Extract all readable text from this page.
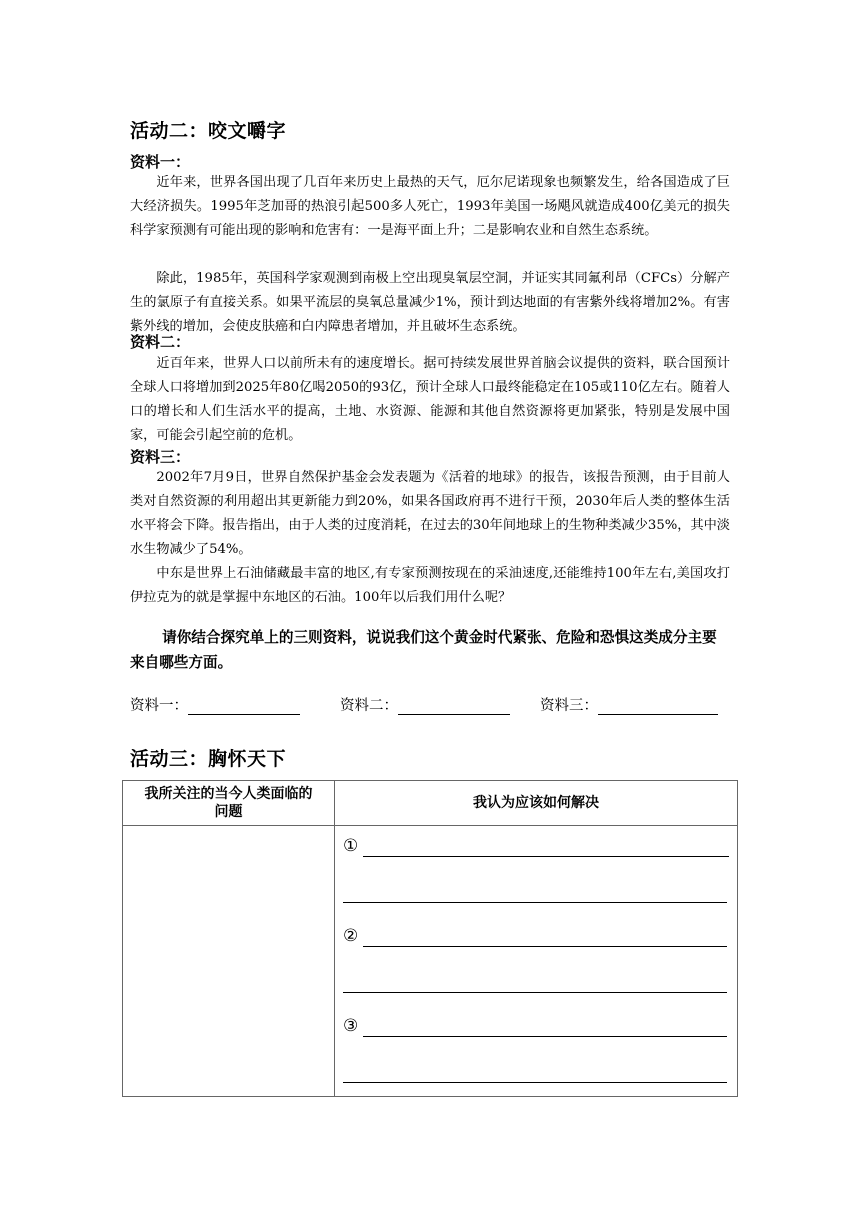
活动二：咬文嚼字
资料一：

近年来，世界各国出现了几百年来历史上最热的天气，厄尔尼诺现象也频繁发生，给各国造成了巨大经济损失。1995年芝加哥的热浪引起500多人死亡，1993年美国一场飓风就造成400亿美元的损失科学家预测有可能出现的影响和危害有：一是海平面上升；二是影响农业和自然生态系统。

除此，1985年，英国科学家观测到南极上空出现臭氧层空洞，并证实其同氟利昂（CFCs）分解产生的氯原子有直接关系。如果平流层的臭氧总量减少1%，预计到达地面的有害紫外线将增加2%。有害紫外线的增加，会使皮肤癌和白内障患者增加，并且破坏生态系统。

资料二：

近百年来，世界人口以前所未有的速度增长。据可持续发展世界首脑会议提供的资料，联合国预计全球人口将增加到2025年80亿喝2050的93亿，预计全球人口最终能稳定在105或110亿左右。随着人口的增长和人们生活水平的提高，土地、水资源、能源和其他自然资源将更加紧张，特别是发展中国家，可能会引起空前的危机。

资料三：

2002年7月9日，世界自然保护基金会发表题为《活着的地球》的报告，该报告预测，由于目前人类对自然资源的利用超出其更新能力到20%，如果各国政府再不进行干预，2030年后人类的整体生活水平将会下降。报告指出，由于人类的过度消耗，在过去的30年间地球上的生物种类减少35%，其中淡水生物减少了54%。

中东是世界上石油储藏最丰富的地区,有专家预测按现在的采油速度,还能维持100年左右,美国攻打伊拉克为的就是掌握中东地区的石油。100年以后我们用什么呢？

请你结合探究单上的三则资料，说说我们这个黄金时代紧张、危险和恐惧这类成分主要来自哪些方面。

资料一：	资料二：	资料三：
活动三：胸怀天下
我所关注的当今人类面临的问题	我认为应该如何解决

	①
②
③
